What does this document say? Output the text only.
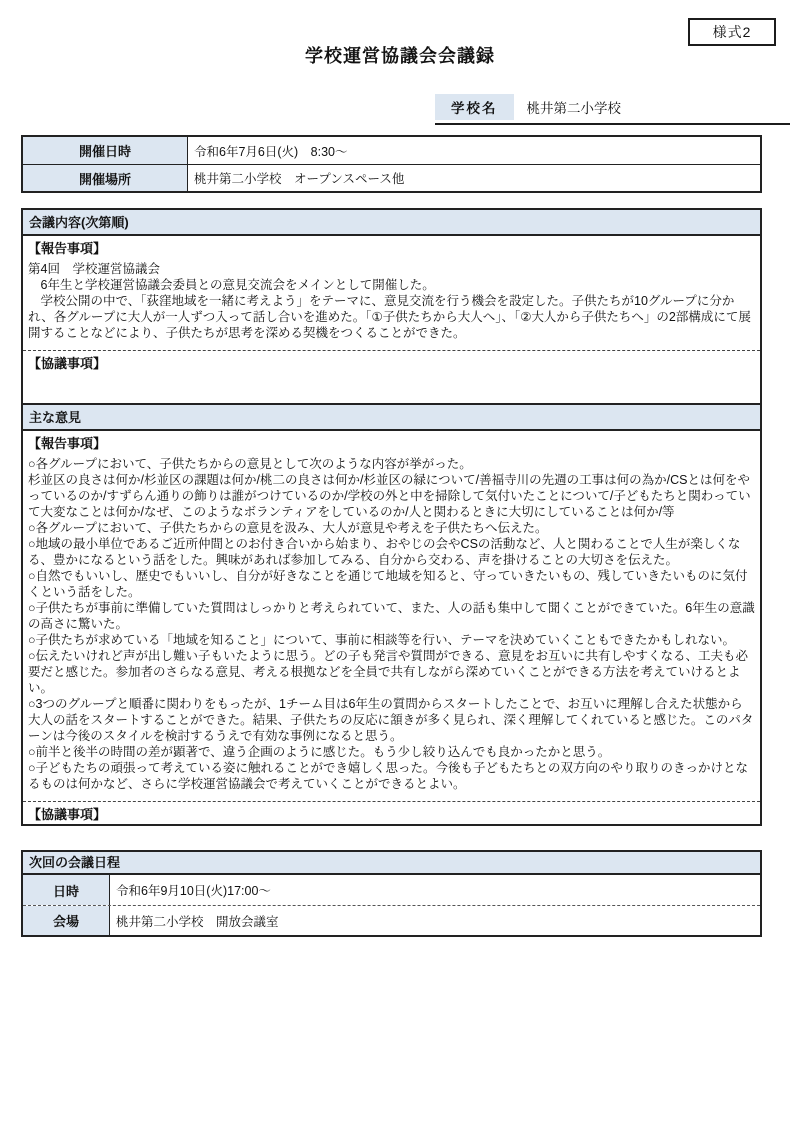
様式2
学校運営協議会会議録
学校名	桃井第二小学校
開催日時	令和6年7月6日(火)　8:30～
開催場所	桃井第二小学校　オープンスペース他
会議内容(次第順)
【報告事項】
第4回　学校運営協議会
　6年生と学校運営協議会委員との意見交流会をメインとして開催した。
　学校公開の中で、「荻窪地域を一緒に考えよう」をテーマに、意見交流を行う機会を設定した。子供たちが10グループに分かれ、各グループに大人が一人ずつ入って話し合いを進めた。「①子供たちから大人へ」、「②大人から子供たちへ」の2部構成にて展開することなどにより、子供たちが思考を深める契機をつくることができた。
【協議事項】
主な意見
【報告事項】
○各グループにおいて、子供たちからの意見として次のような内容が挙がった。
杉並区の良さは何か/杉並区の課題は何か/桃二の良さは何か/杉並区の緑について/善福寺川の先週の工事は何の為か/CSとは何をやっているのか/すずらん通りの飾りは誰がつけているのか/学校の外と中を掃除して気付いたことについて/子どもたちと関わっていて大変なことは何か/なぜ、このようなボランティアをしているのか/人と関わるときに大切にしていることは何か/等
○各グループにおいて、子供たちからの意見を汲み、大人が意見や考えを子供たちへ伝えた。
○地域の最小単位であるご近所仲間とのお付き合いから始まり、おやじの会やCSの活動など、人と関わることで人生が楽しくなる、豊かになるという話をした。興味があれば参加してみる、自分から交わる、声を掛けることの大切さを伝えた。
○自然でもいいし、歴史でもいいし、自分が好きなことを通じて地域を知ると、守っていきたいもの、残していきたいものに気付くという話をした。
○子供たちが事前に準備していた質問はしっかりと考えられていて、また、人の話も集中して聞くことができていた。6年生の意識の高さに驚いた。
○子供たちが求めている「地域を知ること」について、事前に相談等を行い、テーマを決めていくこともできたかもしれない。
○伝えたいけれど声が出し難い子もいたように思う。どの子も発言や質問ができる、意見をお互いに共有しやすくなる、工夫も必要だと感じた。参加者のさらなる意見、考える根拠などを全員で共有しながら深めていくことができる方法を考えていけるとよい。
○3つのグループと順番に関わりをもったが、1チーム目は6年生の質問からスタートしたことで、お互いに理解し合えた状態から大人の話をスタートすることができた。結果、子供たちの反応に頷きが多く見られ、深く理解してくれていると感じた。このパターンは今後のスタイルを検討するうえで有効な事例になると思う。
○前半と後半の時間の差が顕著で、違う企画のように感じた。もう少し絞り込んでも良かったかと思う。
○子どもたちの頑張って考えている姿に触れることができ嬉しく思った。今後も子どもたちとの双方向のやり取りのきっかけとなるものは何かなど、さらに学校運営協議会で考えていくことができるとよい。
【協議事項】
次回の会議日程
日時	令和6年9月10日(火)17:00～
会場	桃井第二小学校　開放会議室
